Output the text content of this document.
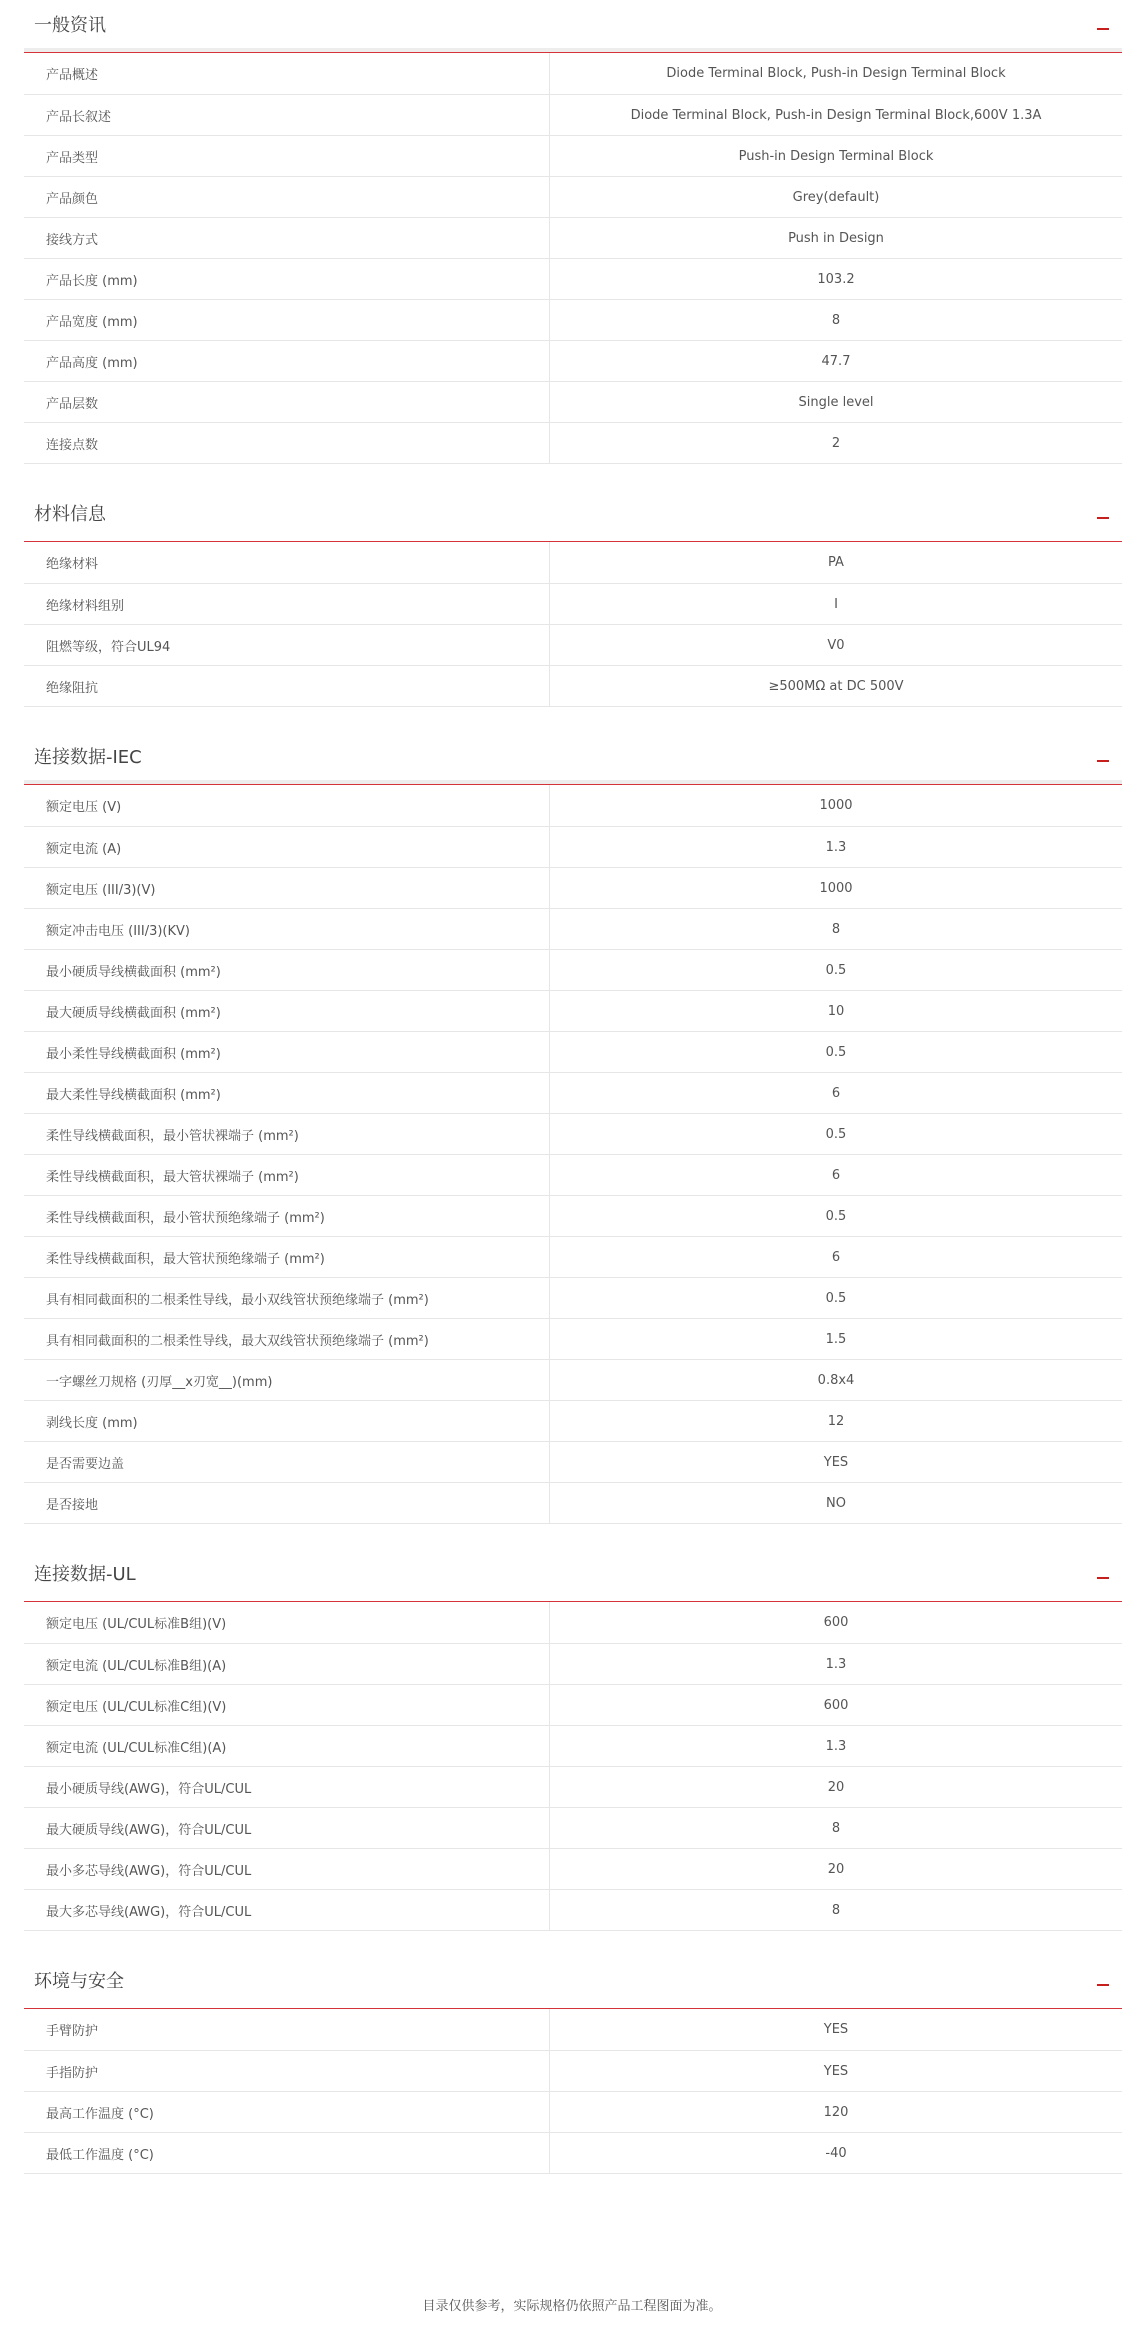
一般资讯
产品概述	Diode Terminal Block, Push-in Design Terminal Block
产品长叙述	Diode Terminal Block, Push-in Design Terminal Block,600V 1.3A
产品类型	Push-in Design Terminal Block
产品颜色	Grey(default)
接线方式	Push in Design
产品长度 (mm)	103.2
产品宽度 (mm)	8
产品高度 (mm)	47.7
产品层数	Single level
连接点数	2
材料信息
绝缘材料	PA
绝缘材料组别	I
阻燃等级，符合UL94	V0
绝缘阻抗	≥500MΩ at DC 500V
连接数据-IEC
额定电压 (V)	1000
额定电流 (A)	1.3
额定电压 (III/3)(V)	1000
额定冲击电压 (III/3)(KV)	8
最小硬质导线横截面积 (mm²)	0.5
最大硬质导线横截面积 (mm²)	10
最小柔性导线横截面积 (mm²)	0.5
最大柔性导线横截面积 (mm²)	6
柔性导线横截面积，最小管状裸端子 (mm²)	0.5
柔性导线横截面积，最大管状裸端子 (mm²)	6
柔性导线横截面积，最小管状预绝缘端子 (mm²)	0.5
柔性导线横截面积，最大管状预绝缘端子 (mm²)	6
具有相同截面积的二根柔性导线，最小双线管状预绝缘端子 (mm²)	0.5
具有相同截面积的二根柔性导线，最大双线管状预绝缘端子 (mm²)	1.5
一字螺丝刀规格 (刃厚__x刃宽__)(mm)	0.8x4
剥线长度 (mm)	12
是否需要边盖	YES
是否接地	NO
连接数据-UL
额定电压 (UL/CUL标准B组)(V)	600
额定电流 (UL/CUL标准B组)(A)	1.3
额定电压 (UL/CUL标准C组)(V)	600
额定电流 (UL/CUL标准C组)(A)	1.3
最小硬质导线(AWG)，符合UL/CUL	20
最大硬质导线(AWG)，符合UL/CUL	8
最小多芯导线(AWG)，符合UL/CUL	20
最大多芯导线(AWG)，符合UL/CUL	8
环境与安全
手臂防护	YES
手指防护	YES
最高工作温度 (°C)	120
最低工作温度 (°C)	-40
目录仅供参考，实际规格仍依照产品工程图面为准。
